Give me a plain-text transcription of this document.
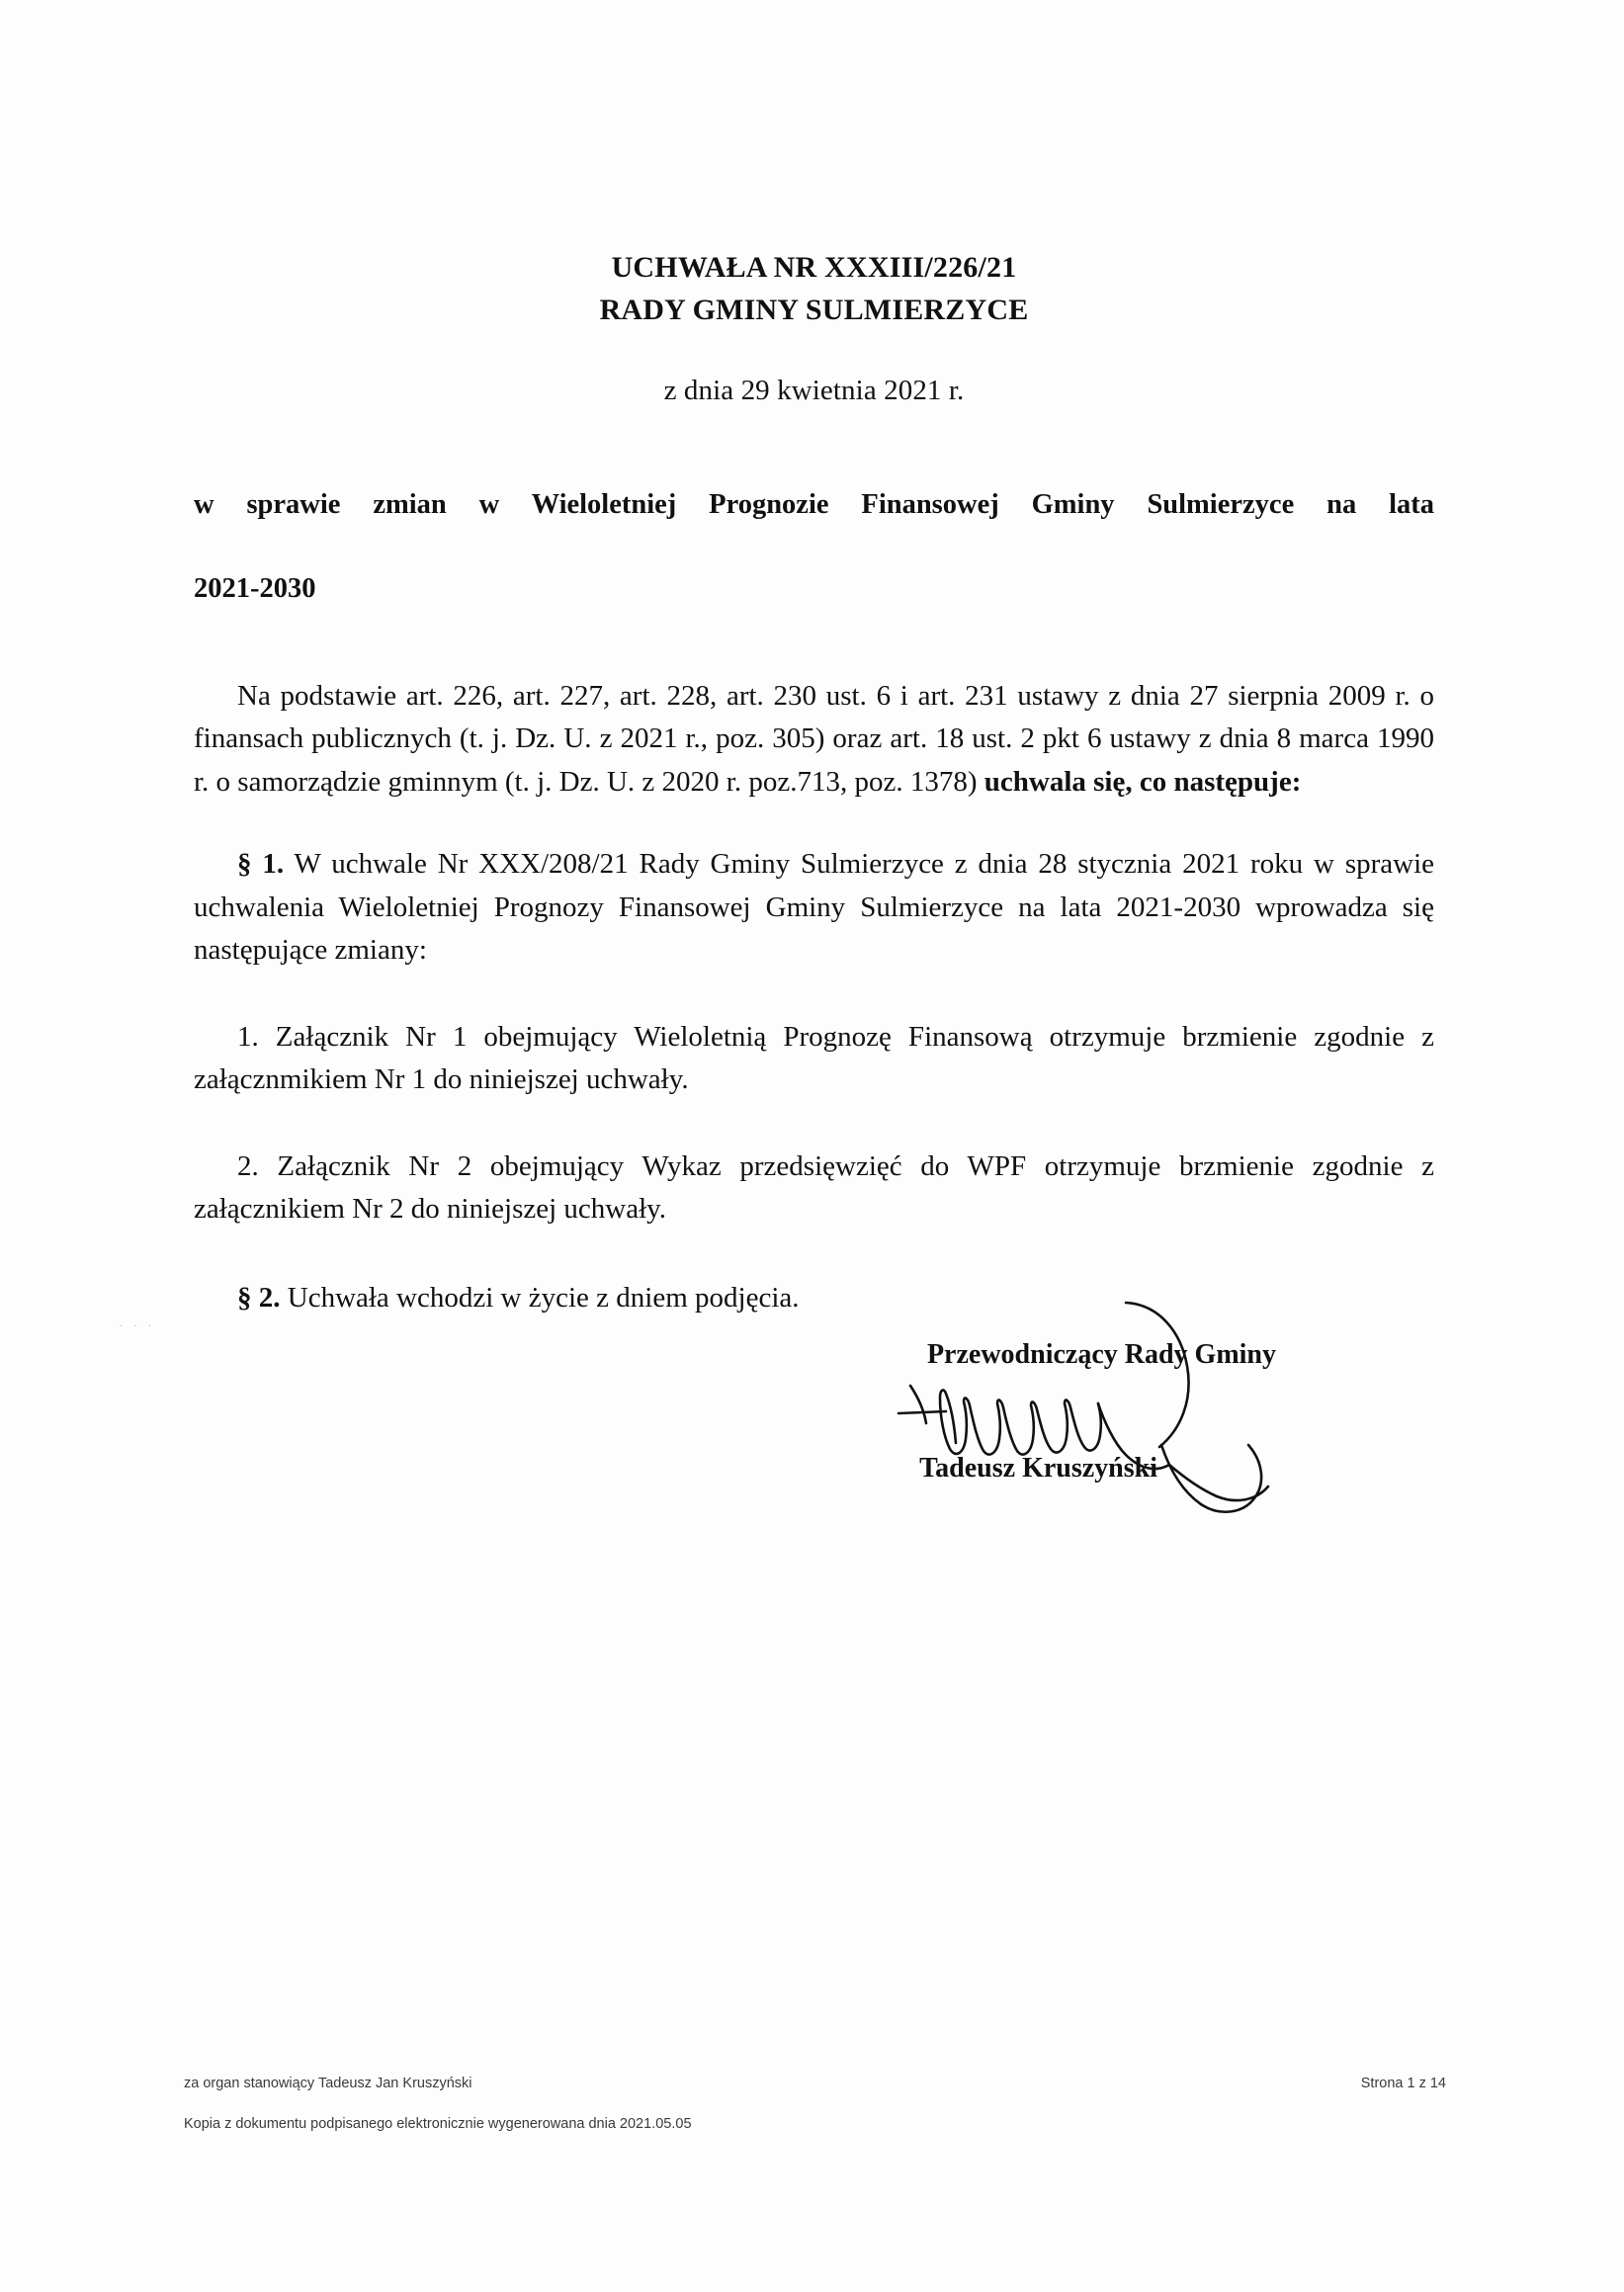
UCHWAŁA NR XXXIII/226/21
RADY GMINY SULMIERZYCE
z dnia 29 kwietnia 2021 r.
w sprawie zmian w Wieloletniej Prognozie Finansowej Gminy Sulmierzyce na lata
2021-2030
Na podstawie art. 226, art. 227, art. 228, art. 230 ust. 6 i art. 231 ustawy z dnia 27 sierpnia 2009 r. o finansach publicznych (t. j. Dz. U. z 2021 r., poz. 305) oraz art. 18 ust. 2 pkt 6 ustawy z dnia 8 marca 1990 r. o samorządzie gminnym (t. j. Dz. U. z 2020 r. poz.713, poz. 1378) uchwala się, co następuje:
§ 1. W uchwale Nr XXX/208/21 Rady Gminy Sulmierzyce z dnia 28 stycznia 2021 roku w sprawie uchwalenia Wieloletniej Prognozy Finansowej Gminy Sulmierzyce na lata 2021-2030 wprowadza się następujące zmiany:
1. Załącznik Nr 1 obejmujący Wieloletnią Prognozę Finansową otrzymuje brzmienie zgodnie z załącznmikiem Nr 1 do niniejszej uchwały.
2. Załącznik Nr 2 obejmujący Wykaz przedsięwzięć do WPF otrzymuje brzmienie zgodnie z załącznikiem Nr 2 do niniejszej uchwały.
§ 2. Uchwała wchodzi w życie z dniem podjęcia.
· · ·
Przewodniczący Rady Gminy
Tadeusz Kruszyński
za organ stanowiący Tadeusz Jan Kruszyński
Kopia z dokumentu podpisanego elektronicznie wygenerowana dnia 2021.05.05
Strona 1 z 14
